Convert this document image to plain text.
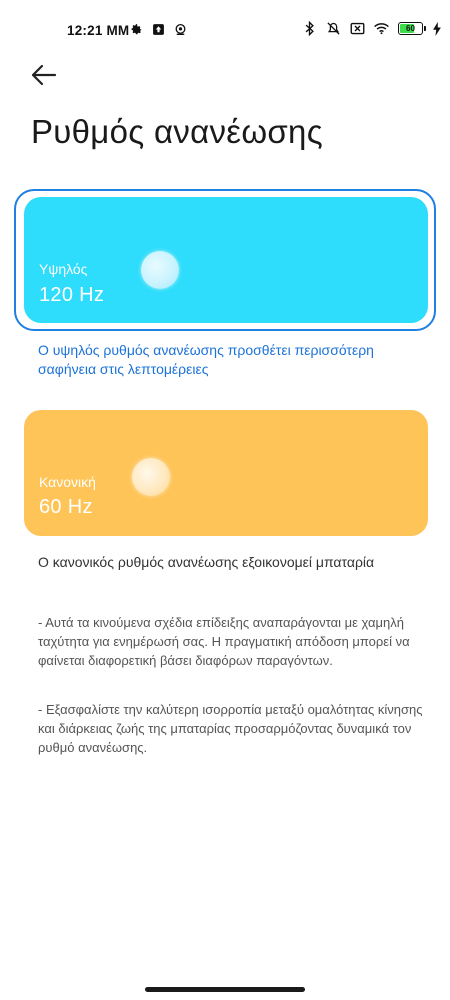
12:21 MM	60
Ρυθμός ανανέωσης
Υψηλός
120 Hz
Ο υψηλός ρυθμός ανανέωσης προσθέτει περισσότερη σαφήνεια στις λεπτομέρειες
Κανονική
60 Hz
Ο κανονικός ρυθμός ανανέωσης εξοικονομεί μπαταρία
- Αυτά τα κινούμενα σχέδια επίδειξης αναπαράγονται με χαμηλή ταχύτητα για ενημέρωσή σας. Η πραγματική απόδοση μπορεί να φαίνεται διαφορετική βάσει διαφόρων παραγόντων.
- Εξασφαλίστε την καλύτερη ισορροπία μεταξύ ομαλότητας κίνησης και διάρκειας ζωής της μπαταρίας προσαρμόζοντας δυναμικά τον ρυθμό ανανέωσης.
